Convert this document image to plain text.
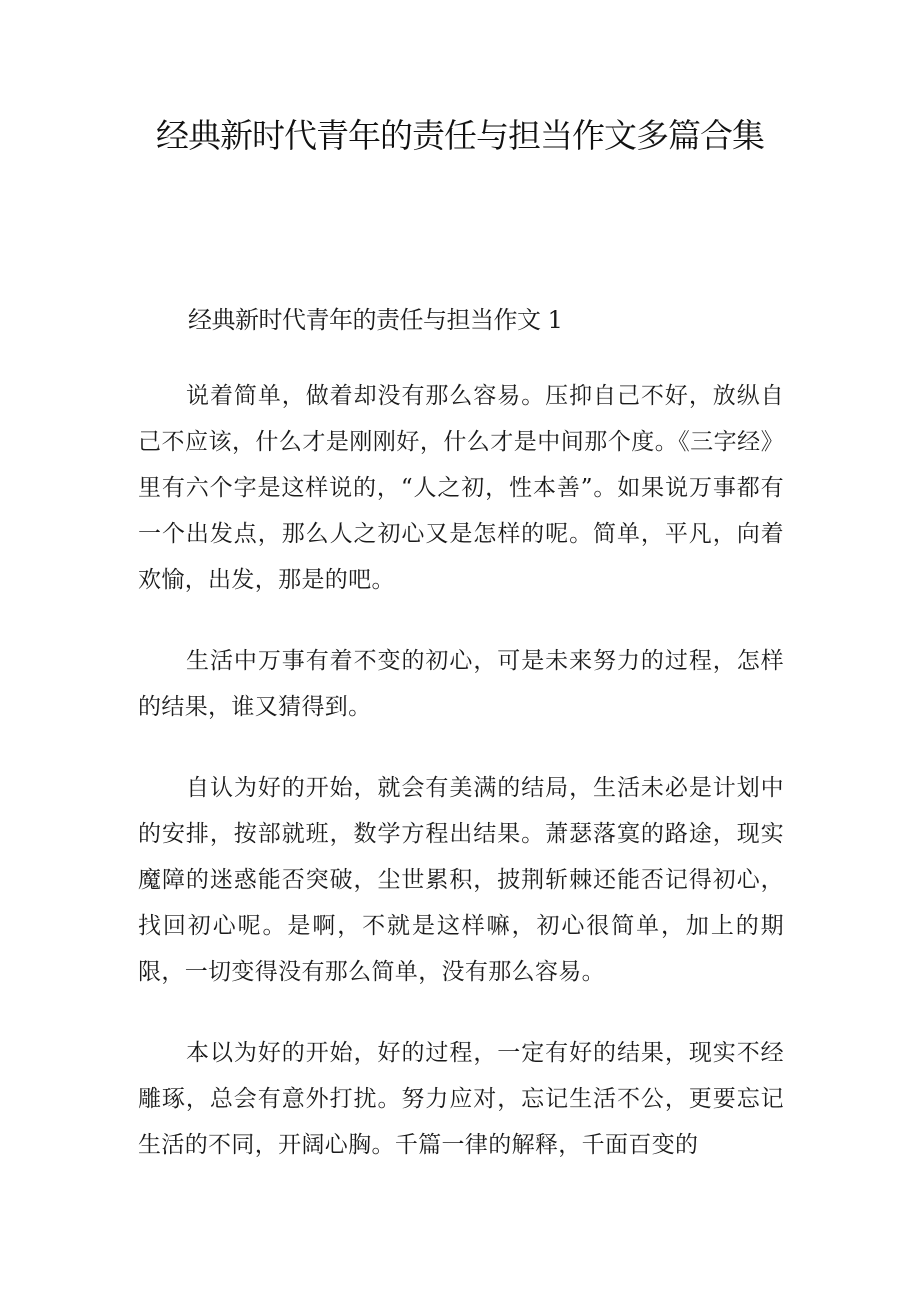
经典新时代青年的责任与担当作文多篇合集
经典新时代青年的责任与担当作文 1

说着简单，做着却没有那么容易。压抑自己不好，放纵自己不应该，什么才是刚刚好，什么才是中间那个度。《三字经》里有六个字是这样说的，“人之初，性本善”。如果说万事都有一个出发点，那么人之初心又是怎样的呢。简单，平凡，向着欢愉，出发，那是的吧。

生活中万事有着不变的初心，可是未来努力的过程，怎样的结果，谁又猜得到。

自认为好的开始，就会有美满的结局，生活未必是计划中的安排，按部就班，数学方程出结果。萧瑟落寞的路途，现实魔障的迷惑能否突破，尘世累积，披荆斩棘还能否记得初心，找回初心呢。是啊，不就是这样嘛，初心很简单，加上的期限，一切变得没有那么简单，没有那么容易。

本以为好的开始，好的过程，一定有好的结果，现实不经雕琢，总会有意外打扰。努力应对，忘记生活不公，更要忘记生活的不同，开阔心胸。千篇一律的解释，千面百变的
